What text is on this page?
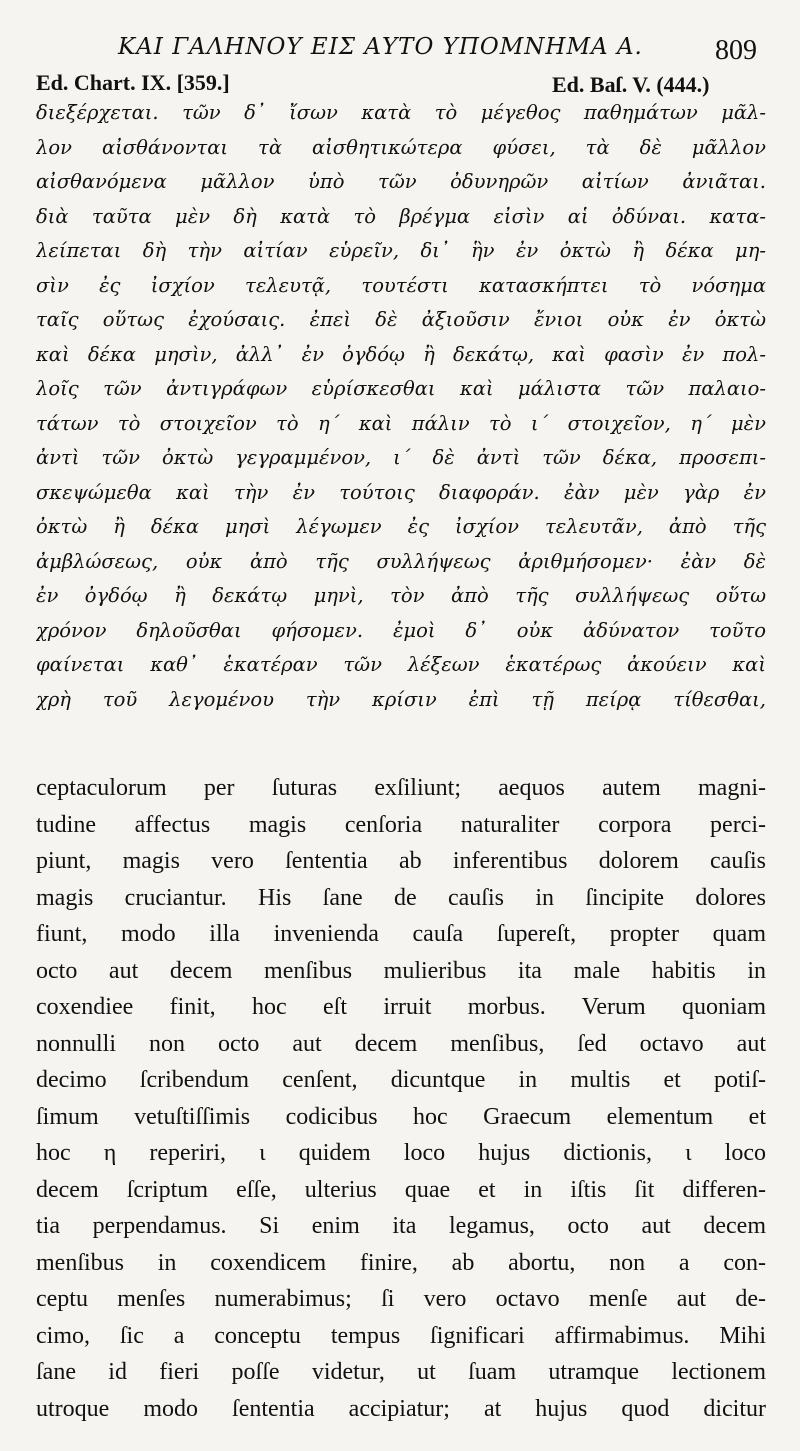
ΚΑΙ ΓΑΛΗΝΟΥ ΕΙΣ ΑΥΤΟ ΥΠΟΜΝΗΜΑ Α.	809
Ed. Chart. IX. [359.]	Ed. Baſ. V. (444.)
διεξέρχεται. τῶν δ᾽ ἴσων κατὰ τὸ μέγεθος παθημάτων μᾶλ-
λον αἰσθάνονται τὰ αἰσθητικώτερα φύσει, τὰ δὲ μᾶλλον
αἰσθανόμενα μᾶλλον ὑπὸ τῶν ὀδυνηρῶν αἰτίων ἀνιᾶται.
διὰ ταῦτα μὲν δὴ κατὰ τὸ βρέγμα εἰσὶν αἱ ὀδύναι. κατα-
λείπεται δὴ τὴν αἰτίαν εὑρεῖν, δι᾽ ἣν ἐν ὀκτὼ ἢ δέκα μη-
σὶν ἐς ἰσχίον τελευτᾷ, τουτέστι κατασκήπτει τὸ νόσημα
ταῖς οὕτως ἐχούσαις. ἐπεὶ δὲ ἀξιοῦσιν ἔνιοι οὐκ ἐν ὀκτὼ
καὶ δέκα μησὶν, ἀλλ᾽ ἐν ὀγδόῳ ἢ δεκάτῳ, καὶ φασὶν ἐν πολ-
λοῖς τῶν ἀντιγράφων εὑρίσκεσθαι καὶ μάλιστα τῶν παλαιο-
τάτων τὸ στοιχεῖον τὸ η΄ καὶ πάλιν τὸ ι΄ στοιχεῖον, η΄ μὲν
ἀντὶ τῶν ὀκτὼ γεγραμμένον, ι΄ δὲ ἀντὶ τῶν δέκα, προσεπι-
σκεψώμεθα καὶ τὴν ἐν τούτοις διαφοράν. ἐὰν μὲν γὰρ ἐν
ὀκτὼ ἢ δέκα μησὶ λέγωμεν ἐς ἰσχίον τελευτᾶν, ἀπὸ τῆς
ἀμβλώσεως, οὐκ ἀπὸ τῆς συλλήψεως ἀριθμήσομεν· ἐὰν δὲ
ἐν ὀγδόῳ ἢ δεκάτῳ μηνὶ, τὸν ἀπὸ τῆς συλλήψεως οὕτω
χρόνον δηλοῦσθαι φήσομεν. ἐμοὶ δ᾽ οὐκ ἀδύνατον τοῦτο
φαίνεται καθ᾽ ἑκατέραν τῶν λέξεων ἑκατέρως ἀκούειν καὶ
χρὴ τοῦ λεγομένου τὴν κρίσιν ἐπὶ τῇ πείρᾳ τίθεσθαι,
ceptaculorum per ſuturas exſiliunt; aequos autem magni-
tudine affectus magis cenſoria naturaliter corpora perci-
piunt, magis vero ſententia ab inferentibus dolorem cauſis
magis cruciantur. His ſane de cauſis in ſincipite dolores
fiunt, modo illa invenienda cauſa ſupereſt, propter quam
octo aut decem menſibus mulieribus ita male habitis in
coxendiee finit, hoc eſt irruit morbus. Verum quoniam
nonnulli non octo aut decem menſibus, ſed octavo aut
decimo ſcribendum cenſent, dicuntque in multis et potiſ-
ſimum vetuſtiſſimis codicibus hoc Graecum elementum et
hoc η reperiri, ι quidem loco hujus dictionis, ι loco
decem ſcriptum eſſe, ulterius quae et in iſtis ſit differen-
tia perpendamus. Si enim ita legamus, octo aut decem
menſibus in coxendicem finire, ab abortu, non a con-
ceptu menſes numerabimus; ſi vero octavo menſe aut de-
cimo, ſic a conceptu tempus ſignificari affirmabimus. Mihi
ſane id fieri poſſe videtur, ut ſuam utramque lectionem
utroque modo ſententia accipiatur; at hujus quod dicitur
